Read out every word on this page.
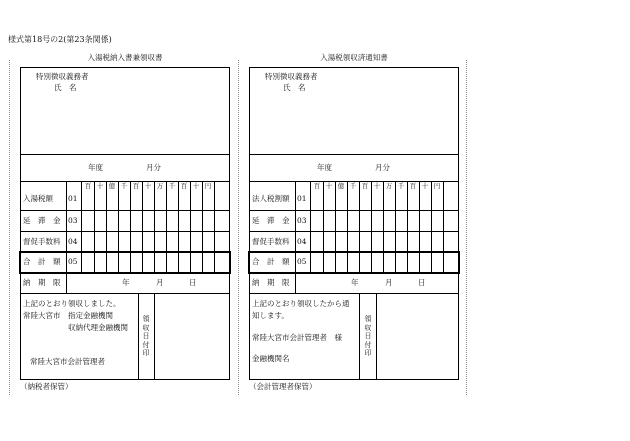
様式第18号の2(第23条関係)
入湯税納入書兼領収書
特別徴収義務者
氏　名
年度	月分
百 十 億 千 百 十 万 千 百 十 円
入湯税額 01
延　滞　金 03
督促手数料 04
合　計　額 05
納　期　限	年	月	日
上記のとおり領収しました。
常陸大宮市　指定金融機関
　　　　　　収納代理金融機関
常陸大宮市会計管理者
領収日付印
（納税者保管）
入湯税領収済通知書
特別徴収義務者
氏　名
年度	月分
百 十 億 千 百 十 万 千 百 十 円
法人税割額 01
延　滞　金 03
督促手数料 04
合　計　額 05
納　期　限	年	月	日
上記のとおり領収したから通
知します。
常陸大宮市会計管理者　様
金融機関名
領収日付印
（会計管理者保管）
